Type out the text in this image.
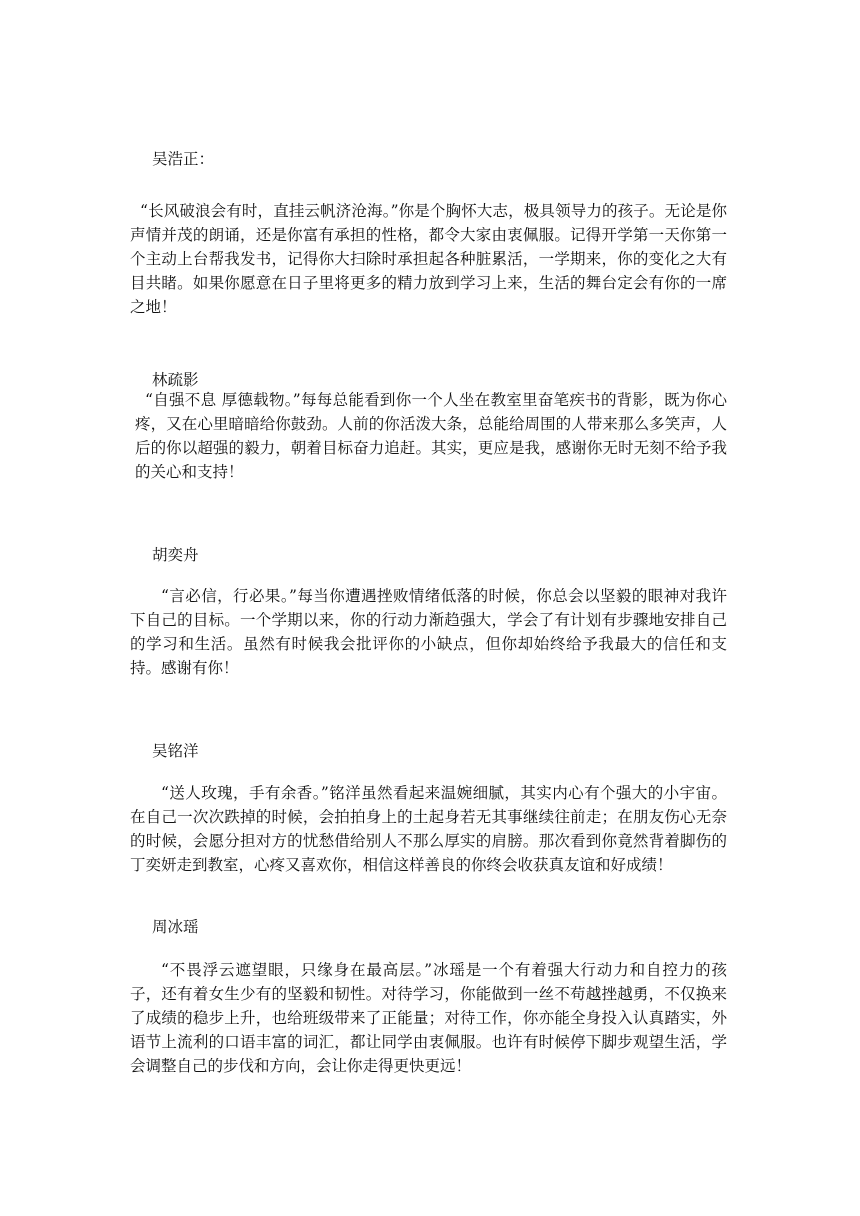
吴浩正：
“长风破浪会有时，直挂云帆济沧海。”你是个胸怀大志，极具领导力的孩子。无论是你声情并茂的朗诵，还是你富有承担的性格，都令大家由衷佩服。记得开学第一天你第一个主动上台帮我发书，记得你大扫除时承担起各种脏累活，一学期来，你的变化之大有目共睹。如果你愿意在日子里将更多的精力放到学习上来，生活的舞台定会有你的一席之地！
林疏影
“自强不息 厚德载物。”每每总能看到你一个人坐在教室里奋笔疾书的背影，既为你心疼，又在心里暗暗给你鼓劲。人前的你活泼大条，总能给周围的人带来那么多笑声，人后的你以超强的毅力，朝着目标奋力追赶。其实，更应是我，感谢你无时无刻不给予我的关心和支持！
胡奕舟
“言必信，行必果。”每当你遭遇挫败情绪低落的时候，你总会以坚毅的眼神对我许下自己的目标。一个学期以来，你的行动力渐趋强大，学会了有计划有步骤地安排自己的学习和生活。虽然有时候我会批评你的小缺点，但你却始终给予我最大的信任和支持。感谢有你！
吴铭洋
“送人玫瑰，手有余香。”铭洋虽然看起来温婉细腻，其实内心有个强大的小宇宙。在自己一次次跌掉的时候，会拍拍身上的土起身若无其事继续往前走；在朋友伤心无奈的时候，会愿分担对方的忧愁借给别人不那么厚实的肩膀。那次看到你竟然背着脚伤的丁奕妍走到教室，心疼又喜欢你，相信这样善良的你终会收获真友谊和好成绩！
周冰瑶
“不畏浮云遮望眼，只缘身在最高层。”冰瑶是一个有着强大行动力和自控力的孩子，还有着女生少有的坚毅和韧性。对待学习，你能做到一丝不苟越挫越勇，不仅换来了成绩的稳步上升，也给班级带来了正能量；对待工作，你亦能全身投入认真踏实，外语节上流利的口语丰富的词汇，都让同学由衷佩服。也许有时候停下脚步观望生活，学会调整自己的步伐和方向，会让你走得更快更远！
